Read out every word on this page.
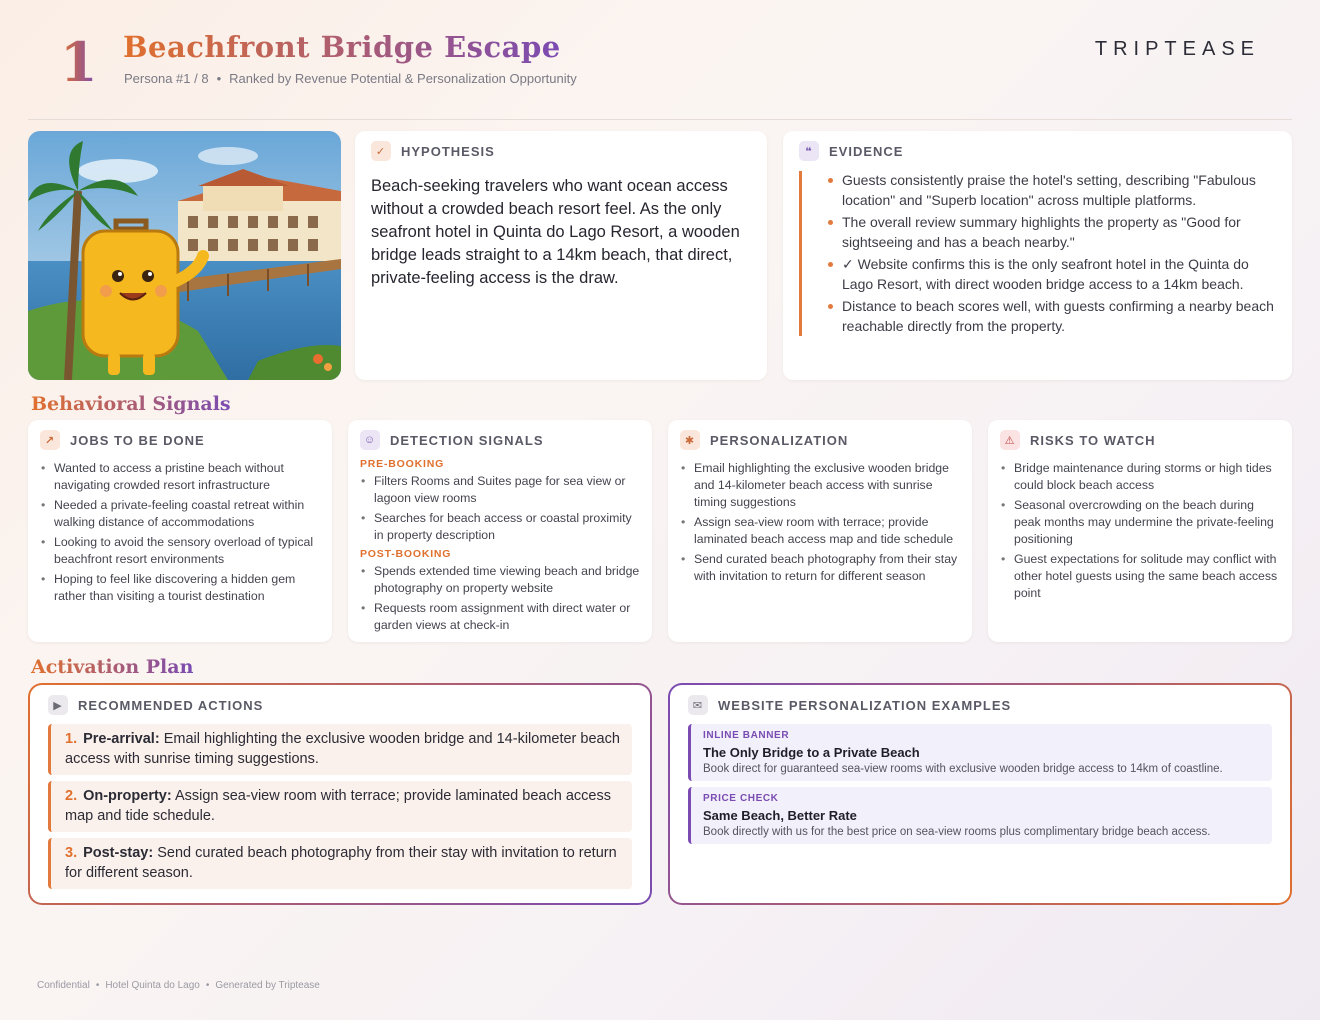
1 Beachfront Bridge Escape
Persona #1 / 8 • Ranked by Revenue Potential & Personalization Opportunity
TRIPTEASE
✓	HYPOTHESIS
Beach-seeking travelers who want ocean access without a crowded beach resort feel. As the only seafront hotel in Quinta do Lago Resort, a wooden bridge leads straight to a 14km beach, that direct, private-feeling access is the draw.
❝	EVIDENCE
Guests consistently praise the hotel's setting, describing "Fabulous location" and "Superb location" across multiple platforms.
The overall review summary highlights the property as "Good for sightseeing and has a beach nearby."
✓ Website confirms this is the only seafront hotel in the Quinta do Lago Resort, with direct wooden bridge access to a 14km beach.
Distance to beach scores well, with guests confirming a nearby beach reachable directly from the property.
Behavioral Signals
↗	JOBS TO BE DONE
• Wanted to access a pristine beach without navigating crowded resort infrastructure
• Needed a private-feeling coastal retreat within walking distance of accommodations
• Looking to avoid the sensory overload of typical beachfront resort environments
• Hoping to feel like discovering a hidden gem rather than visiting a tourist destination
☺ DETECTION SIGNALS
PRE-BOOKING
• Filters Rooms and Suites page for sea view or lagoon view rooms
• Searches for beach access or coastal proximity in property description
POST-BOOKING
• Spends extended time viewing beach and bridge photography on property website
• Requests room assignment with direct water or garden views at check-in
✱	PERSONALIZATION
• Email highlighting the exclusive wooden bridge and 14-kilometer beach access with sunrise timing suggestions
• Assign sea-view room with terrace; provide laminated beach access map and tide schedule
• Send curated beach photography from their stay with invitation to return for different season
⚠	RISKS TO WATCH
• Bridge maintenance during storms or high tides could block beach access
• Seasonal overcrowding on the beach during peak months may undermine the private-feeling positioning
• Guest expectations for solitude may conflict with other hotel guests using the same beach access point
Activation Plan
▶	RECOMMENDED ACTIONS
1. Pre-arrival: Email highlighting the exclusive wooden bridge and 14-kilometer beach access with sunrise timing suggestions.
2. On-property: Assign sea-view room with terrace; provide laminated beach access map and tide schedule.
3. Post-stay: Send curated beach photography from their stay with invitation to return for different season.
✉	WEBSITE PERSONALIZATION EXAMPLES
INLINE BANNER
The Only Bridge to a Private Beach
Book direct for guaranteed sea-view rooms with exclusive wooden bridge access to 14km of coastline.
PRICE CHECK
Same Beach, Better Rate
Book directly with us for the best price on sea-view rooms plus complimentary bridge beach access.
Confidential • Hotel Quinta do Lago • Generated by Triptease
